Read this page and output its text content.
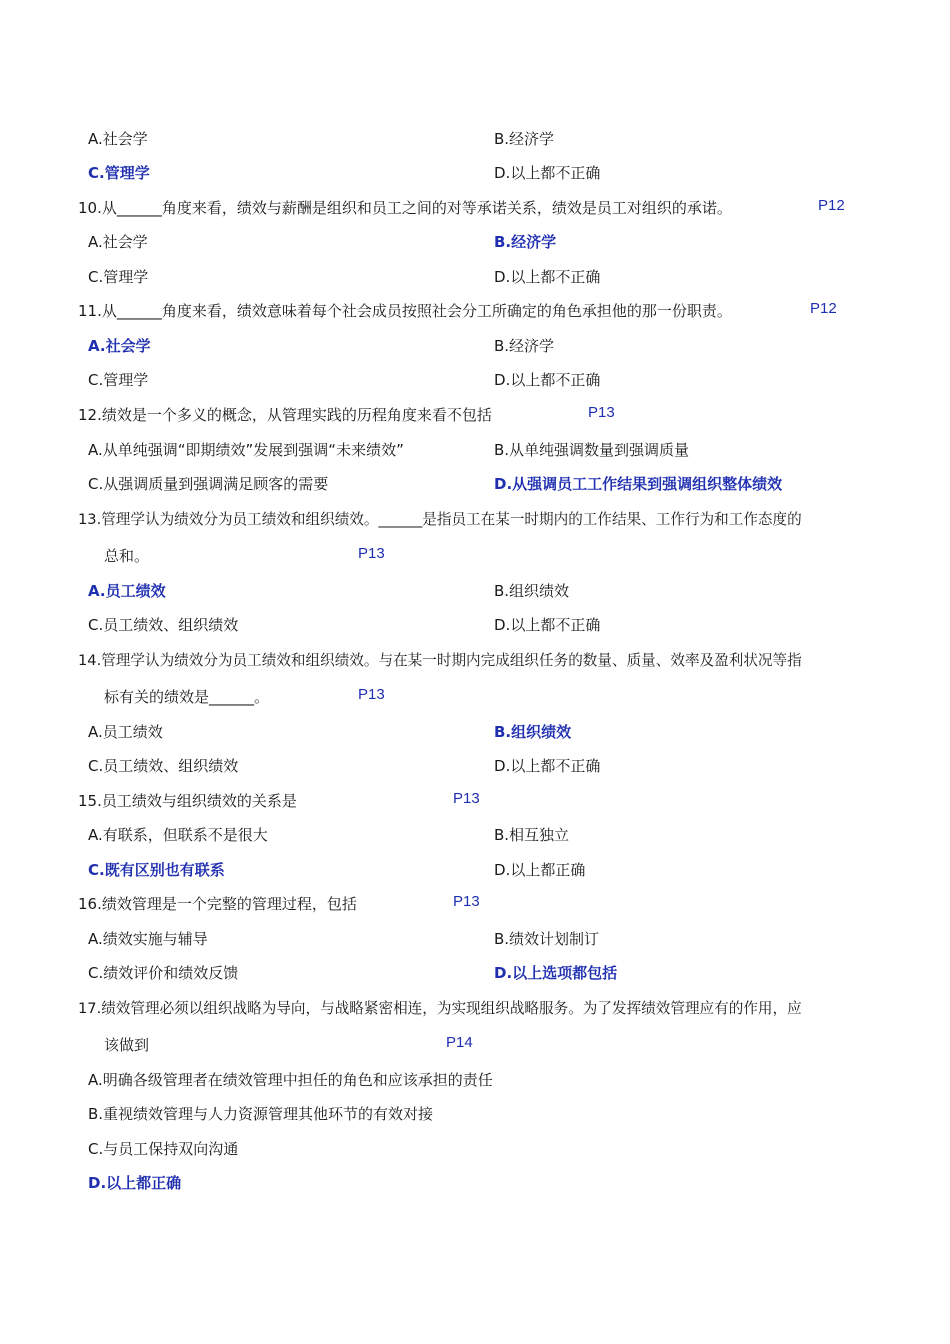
A.社会学	B.经济学
C.管理学	D.以上都不正确
10.从______角度来看，绩效与薪酬是组织和员工之间的对等承诺关系，绩效是员工对组织的承诺。	P12
A.社会学	B.经济学
C.管理学	D.以上都不正确
11.从______角度来看，绩效意味着每个社会成员按照社会分工所确定的角色承担他的那一份职责。	P12
A.社会学	B.经济学
C.管理学	D.以上都不正确
12.绩效是一个多义的概念，从管理实践的历程角度来看不包括	P13
A.从单纯强调“即期绩效”发展到强调“未来绩效”	B.从单纯强调数量到强调质量
C.从强调质量到强调满足顾客的需要	D.从强调员工工作结果到强调组织整体绩效
13.管理学认为绩效分为员工绩效和组织绩效。______是指员工在某一时期内的工作结果、工作行为和工作态度的
总和。	P13
A.员工绩效	B.组织绩效
C.员工绩效、组织绩效	D.以上都不正确
14.管理学认为绩效分为员工绩效和组织绩效。与在某一时期内完成组织任务的数量、质量、效率及盈利状况等指
标有关的绩效是______。	P13
A.员工绩效	B.组织绩效
C.员工绩效、组织绩效	D.以上都不正确
15.员工绩效与组织绩效的关系是	P13
A.有联系，但联系不是很大	B.相互独立
C.既有区别也有联系	D.以上都正确
16.绩效管理是一个完整的管理过程，包括	P13
A.绩效实施与辅导	B.绩效计划制订
C.绩效评价和绩效反馈	D.以上选项都包括
17.绩效管理必须以组织战略为导向，与战略紧密相连，为实现组织战略服务。为了发挥绩效管理应有的作用，应
该做到	P14
A.明确各级管理者在绩效管理中担任的角色和应该承担的责任
B.重视绩效管理与人力资源管理其他环节的有效对接
C.与员工保持双向沟通
D.以上都正确
